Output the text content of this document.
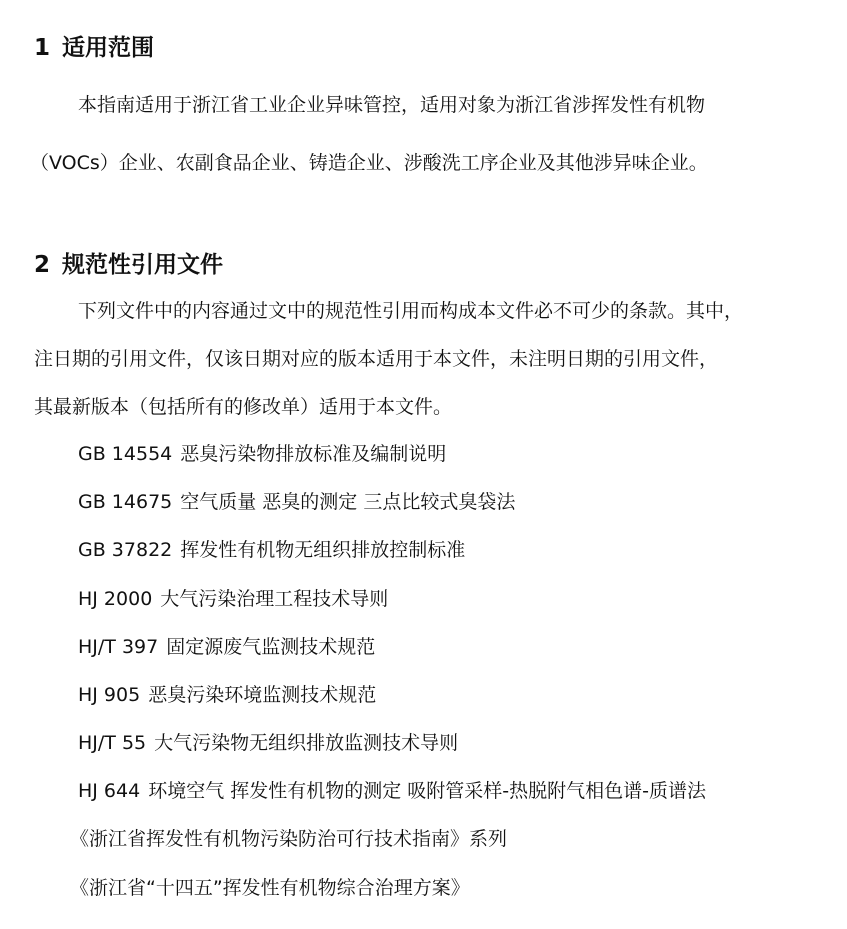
1 适用范围
本指南适用于浙江省工业企业异味管控，适用对象为浙江省涉挥发性有机物
（VOCs）企业、农副食品企业、铸造企业、涉酸洗工序企业及其他涉异味企业。
2 规范性引用文件
下列文件中的内容通过文中的规范性引用而构成本文件必不可少的条款。其中，
注日期的引用文件，仅该日期对应的版本适用于本文件，未注明日期的引用文件，
其最新版本（包括所有的修改单）适用于本文件。
GB 14554 恶臭污染物排放标准及编制说明
GB 14675 空气质量 恶臭的测定 三点比较式臭袋法
GB 37822 挥发性有机物无组织排放控制标准
HJ 2000 大气污染治理工程技术导则
HJ/T 397 固定源废气监测技术规范
HJ 905 恶臭污染环境监测技术规范
HJ/T 55 大气污染物无组织排放监测技术导则
HJ 644 环境空气 挥发性有机物的测定 吸附管采样-热脱附气相色谱-质谱法
《浙江省挥发性有机物污染防治可行技术指南》系列
《浙江省“十四五”挥发性有机物综合治理方案》
